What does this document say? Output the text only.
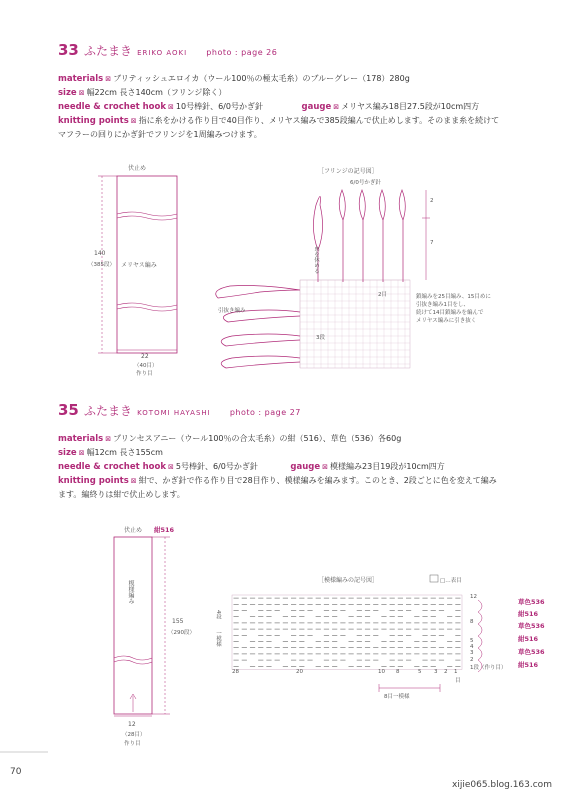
33 ふたまき ERIKO AOKI photo : page 26
materials ⊠ ブリティッシュエロイカ（ウール100％の極太毛糸）のブルーグレー（178）280g
size ⊠ 幅22cm 長さ140cm（フリンジ除く）
needle & crochet hook ⊠ 10号棒針、6/0号かぎ針	gauge ⊠ メリヤス編み18目27.5段が10cm四方
knitting points ⊠ 指に糸をかける作り目で40目作り、メリヤス編みで385段編んで伏止めします。そのまま糸を続けて
マフラーの回りにかぎ針でフリンジを1周編みつけます。
伏止め
メリヤス編み
140
（385段）
22
（40目）
作り目
［フリンジの記号図］
6/0号かぎ針
2
7
引抜き編み
糸を休める
2目
3段
鎖編みを25目編み、15目めに
引抜き編み1目をし、
続けて14目鎖編みを編んで
メリヤス編みに引き抜く
35 ふたまき KOTOMI HAYASHI photo : page 27
materials ⊠ プリンセスアニー（ウール100％の合太毛糸）の紺（516）、草色（536）各60g
size ⊠ 幅12cm 長さ155cm
needle & crochet hook ⊠ 5号棒針、6/0号かぎ針	gauge ⊠ 模様編み23目19段が10cm四方
knitting points ⊠ 紺で、かぎ針で作る作り目で28目作り、模様編みを編みます。このとき、2段ごとに色を変えて編み
ます。編終りは紺で伏止めします。
伏止め 紺516
模様編み
155
（290段）
12
（28目）
作り目
［模様編みの記号図］	□…表目
4段
一模様
8目一模様
目
12
8
5
4
3
2
1段（作り目）
28	20	10 8	5 3 2 1
草色536
紺516
草色536
紺516
草色536
紺516
70
xijie065.blog.163.com
